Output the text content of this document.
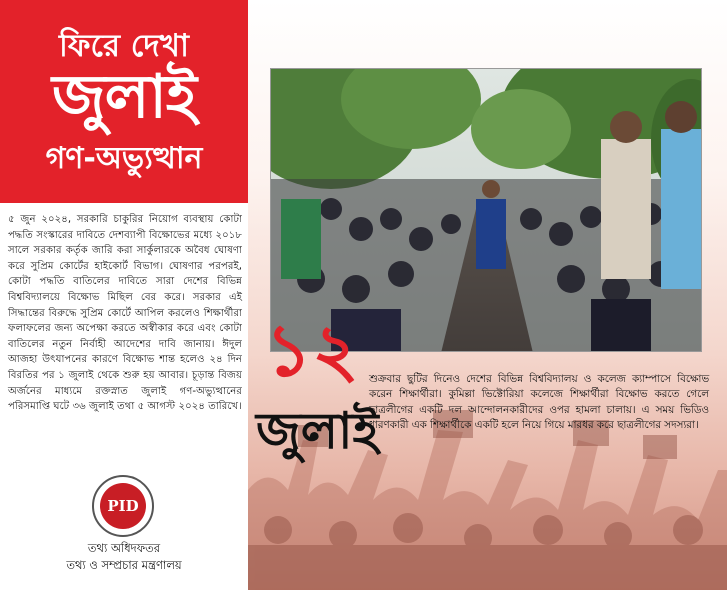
ফিরে দেখা
জুলাই
গণ-অভ্যুত্থান

৫ জুন ২০২৪, সরকারি চাকুরির নিয়োগ ব্যবস্থায় কোটা পদ্ধতি সংস্কারের দাবিতে দেশব্যাপী বিক্ষোভের মধ্যে ২০১৮ সালে সরকার কর্তৃক জারি করা সার্কুলারকে অবৈধ ঘোষণা করে সুপ্রিম কোর্টের হাইকোর্ট বিভাগ। ঘোষণার পরপরই, কোটা পদ্ধতি বাতিলের দাবিতে সারা দেশের বিভিন্ন বিশ্ববিদ্যালয়ে বিক্ষোভ মিছিল বের করে। সরকার এই সিদ্ধান্তের বিরুদ্ধে সুপ্রিম কোর্টে আপিল করলেও শিক্ষার্থীরা ফলাফলের জন্য অপেক্ষা করতে অস্বীকার করে এবং কোটা বাতিলের নতুন নির্বাহী আদেশের দাবি জানায়। ঈদুল আজহা উৎযাপনের কারণে বিক্ষোভ শান্ত হলেও ২৪ দিন বিরতির পর ১ জুলাই থেকে শুরু হয় আবার। চূড়ান্ত বিজয় অর্জনের মাধ্যমে রক্তস্নাত জুলাই গণ-অভ্যুত্থানের পরিসমাপ্তি ঘটে ৩৬ জুলাই তথা ৫ আগস্ট ২০২৪ তারিখে।

PID
তথ্য অধিদফতর
তথ্য ও সম্প্রচার মন্ত্রণালয়
১২
জুলাই

শুক্রবার ছুটির দিনেও দেশের বিভিন্ন বিশ্ববিদ্যালয় ও কলেজ ক্যাম্পাসে বিক্ষোভ করেন শিক্ষার্থীরা। কুমিল্লা ভিক্টোরিয়া কলেজে শিক্ষার্থীরা বিক্ষোভ করতে গেলে ছাত্রলীগের একটি দল আন্দোলনকারীদের ওপর হামলা চালায়। এ সময় ভিডিও ধারণকারী এক শিক্ষার্থীকে একটি হলে নিয়ে গিয়ে মারধর করে ছাত্রলীগের সদস্যরা।
